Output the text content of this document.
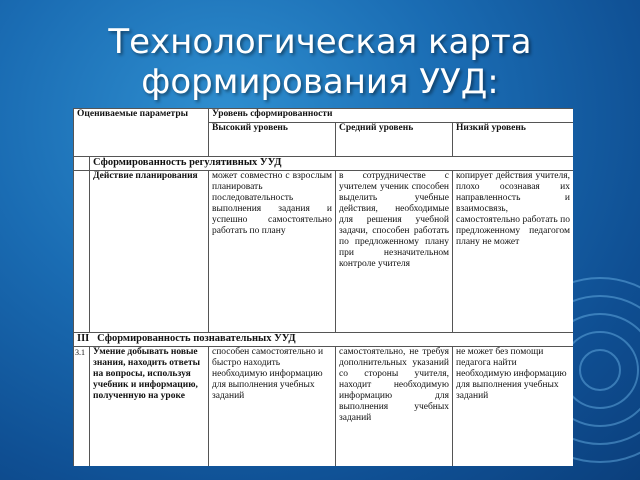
Технологическая карта
формирования УУД:
Оцениваемые параметры		Уровень сформированности		
		Высокий уровень	Средний уровень	Низкий уровень
	Сформированность регулятивных УУД			
	Действие планирования	может совместно с взрослым планировать последовательность выполнения задания и успешно самостоятельно работать по плану	в сотрудничестве с учителем ученик способен выделить учебные действия, необходимые для решения учебной задачи, способен работать по предложенному плану при незначительном контроле учителя	копирует действия учителя, плохо осознавая их направленность и взаимосвязь, самостоятельно работать по предложенному педагогом плану не может
III Сформированность познавательных УУД				
3.1	Умение добывать новые знания, находить ответы на вопросы, используя учебник и информацию, полученную на уроке	способен самостоятельно и быстро находить необходимую информацию для выполнения учебных заданий	самостоятельно, не требуя дополнительных указаний со стороны учителя, находит необходимую информацию для выполнения учебных заданий	не может без помощи педагога найти необходимую информацию для выполнения учебных заданий
